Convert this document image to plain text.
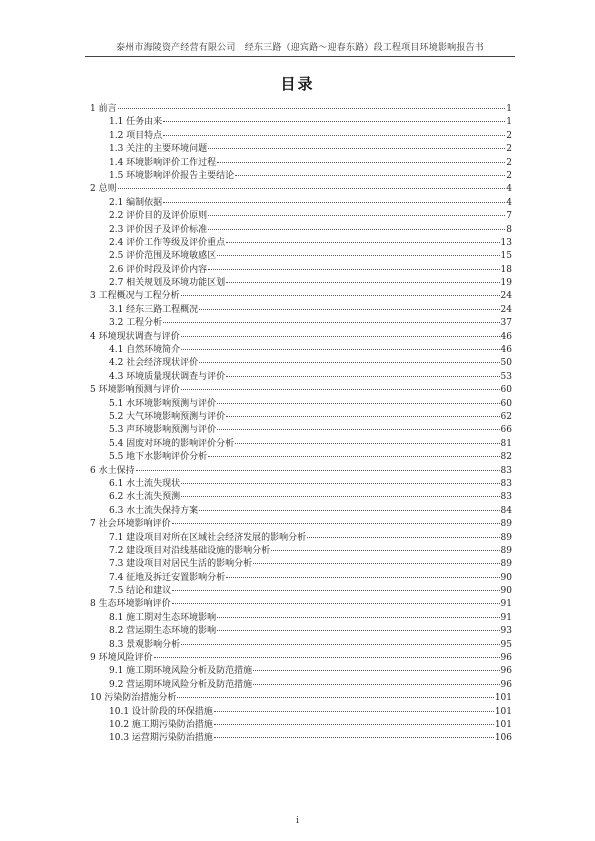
泰州市海陵资产经营有限公司　经东三路（迎宾路～迎春东路）段工程项目环境影响报告书
目录
1 前言	1
1.1 任务由来	1
1.2 项目特点	2
1.3 关注的主要环境问题	2
1.4 环境影响评价工作过程	2
1.5 环境影响评价报告主要结论	2
2 总则	4
2.1 编制依据	4
2.2 评价目的及评价原则	7
2.3 评价因子及评价标准	8
2.4 评价工作等级及评价重点	13
2.5 评价范围及环境敏感区	15
2.6 评价时段及评价内容	18
2.7 相关规划及环境功能区划	19
3 工程概况与工程分析	24
3.1 经东三路工程概况	24
3.2 工程分析	37
4 环境现状调查与评价	46
4.1 自然环境简介	46
4.2 社会经济现状评价	50
4.3 环境质量现状调查与评价	53
5 环境影响预测与评价	60
5.1 水环境影响预测与评价	60
5.2 大气环境影响预测与评价	62
5.3 声环境影响预测与评价	66
5.4 固废对环境的影响评价分析	81
5.5 地下水影响评价分析	82
6 水土保持	83
6.1 水土流失现状	83
6.2 水土流失预测	83
6.3 水土流失保持方案	84
7 社会环境影响评价	89
7.1 建设项目对所在区域社会经济发展的影响分析	89
7.2 建设项目对沿线基础设施的影响分析	89
7.3 建设项目对居民生活的影响分析	89
7.4 征地及拆迁安置影响分析	90
7.5 结论和建议	90
8 生态环境影响评价	91
8.1 施工期对生态环境影响	91
8.2 营运期生态环境的影响	93
8.3 景观影响分析	95
9 环境风险评价	96
9.1 施工期环境风险分析及防范措施	96
9.2 营运期环境风险分析及防范措施	96
10 污染防治措施分析	101
10.1 设计阶段的环保措施	101
10.2 施工期污染防治措施	101
10.3 运营期污染防治措施	106
i
